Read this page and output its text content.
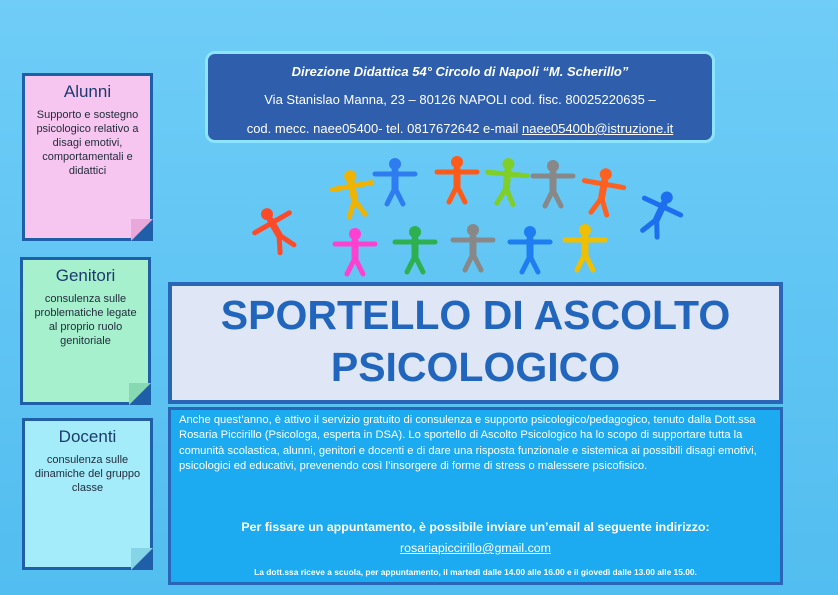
Alunni
Supporto e sostegno psicologico relativo a disagi emotivi, comportamentali e didattici
Genitori
consulenza sulle problematiche legate al proprio ruolo genitoriale
Docenti
consulenza sulle dinamiche del gruppo classe
Direzione Didattica 54° Circolo di Napoli “M. Scherillo”
Via Stanislao Manna, 23 – 80126 NAPOLI cod. fisc. 80025220635 –
cod. mecc. naee05400- tel. 0817672642 e-mail naee05400b@istruzione.it
SPORTELLO DI ASCOLTO
PSICOLOGICO
Anche quest’anno, è attivo il servizio gratuito di consulenza e supporto psicologico/pedagogico, tenuto dalla Dott.ssa Rosaria Piccirillo (Psicologa, esperta in DSA). Lo sportello di Ascolto Psicologico ha lo scopo di supportare tutta la comunità scolastica, alunni, genitori e docenti e di dare una risposta funzionale e sistemica ai possibili disagi emotivi, psicologici ed educativi, prevenendo così l’insorgere di forme di stress o malessere psicofisico.
Per fissare un appuntamento, è possibile inviare un’email al seguente indirizzo:
rosariapiccirillo@gmail.com
La dott.ssa riceve a scuola, per appuntamento, il martedì dalle 14.00 alle 16.00 e il giovedì dalle 13.00 alle 15.00.
